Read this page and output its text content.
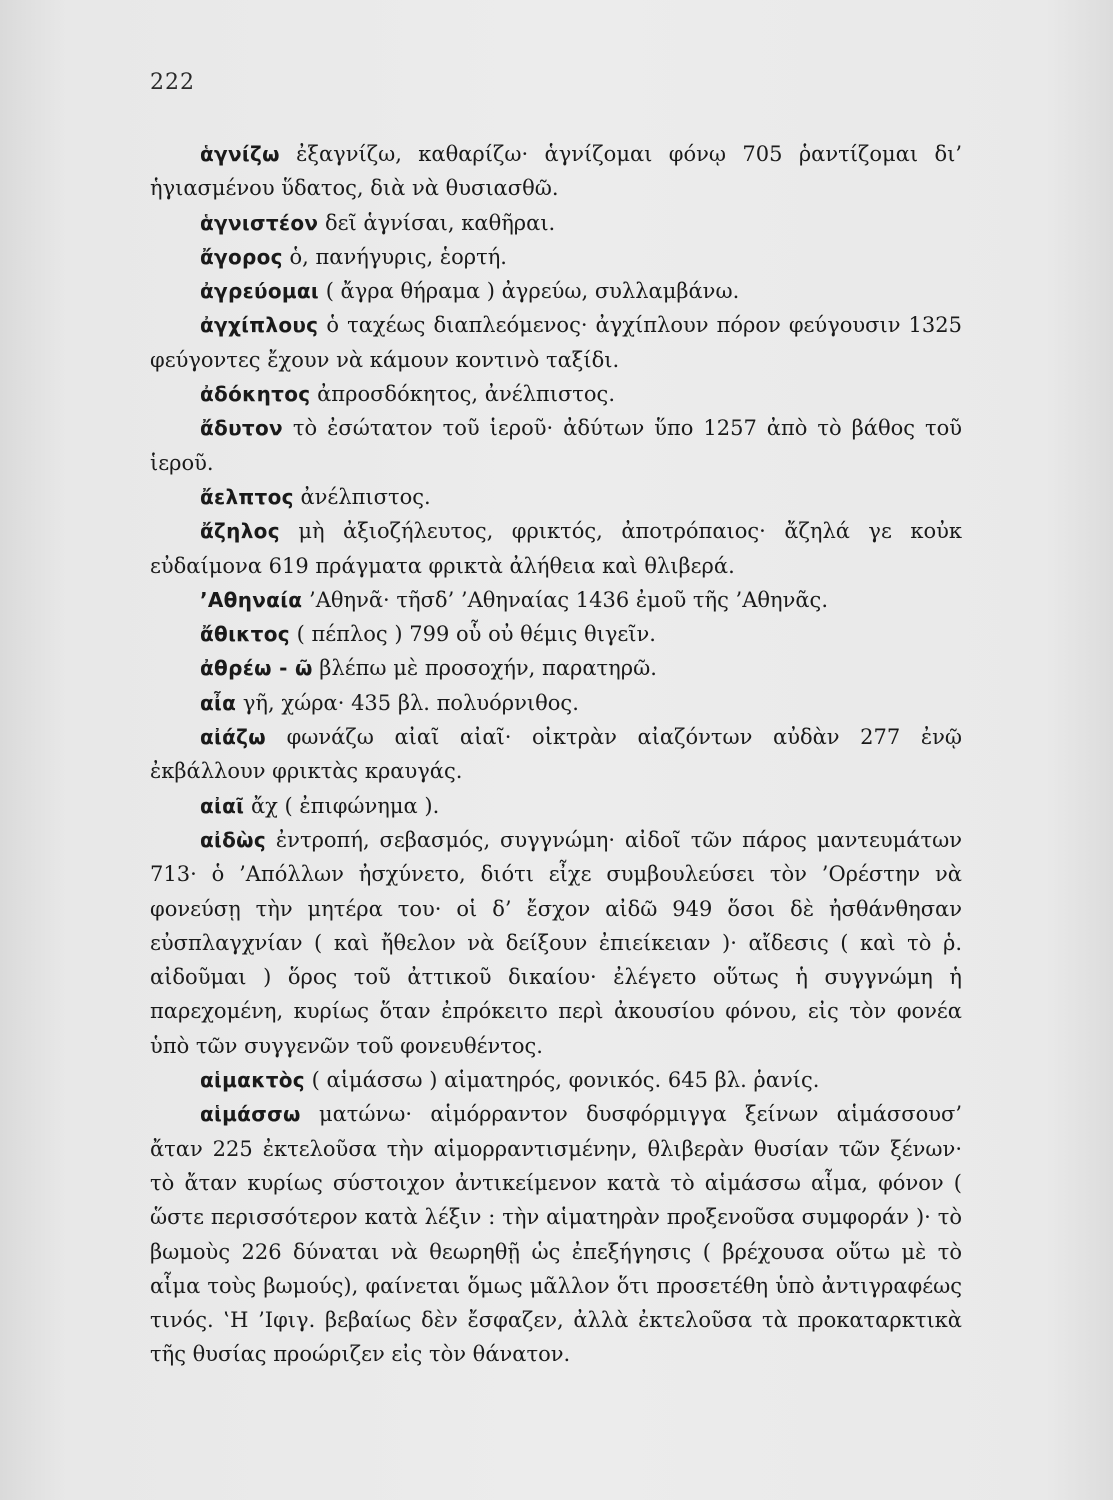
222

ἁγνίζω ἐξαγνίζω, καθαρίζω· ἁγνίζομαι φόνῳ 705 ῥαντίζομαι δι’ ἡγιασμένου ὕδατος, διὰ νὰ θυσιασθῶ.

ἁγνιστέον δεῖ ἁγνίσαι, καθῆραι.

ἄγορος ὁ, πανήγυρις, ἑορτή.

ἀγρεύομαι ( ἄγρα θήραμα ) ἀγρεύω, συλλαμβάνω.

ἀγχίπλους ὁ ταχέως διαπλεόμενος· ἀγχίπλουν πόρον φεύγουσιν 1325 φεύγοντες ἔχουν νὰ κάμουν κοντινὸ ταξίδι.

ἀδόκητος ἀπροσδόκητος, ἀνέλπιστος.

ἄδυτον τὸ ἐσώτατον τοῦ ἱεροῦ· ἀδύτων ὕπο 1257 ἀπὸ τὸ βάθος τοῦ ἱεροῦ.

ἄελπτος ἀνέλπιστος.

ἄζηλος μὴ ἀξιοζήλευτος, φρικτός, ἀποτρόπαιος· ἄζηλά γε κοὐκ εὐδαίμονα 619 πράγματα φρικτὰ ἀλήθεια καὶ θλιβερά.

’Αθηναία ’Αθηνᾶ· τῆσδ’ ’Αθηναίας 1436 ἐμοῦ τῆς ’Αθηνᾶς.

ἄθικτος ( πέπλος ) 799 οὗ οὐ θέμις θιγεῖν.

ἀθρέω - ῶ βλέπω μὲ προσοχήν, παρατηρῶ.

αἶα γῆ, χώρα· 435 βλ. πολυόρνιθος.

αἰάζω φωνάζω αἰαῖ αἰαῖ· οἰκτρὰν αἰαζόντων αὐδὰν 277 ἐνῷ ἐκβάλλουν φρικτὰς κραυγάς.

αἰαῖ ἄχ ( ἐπιφώνημα ).

αἰδὼς ἐντροπή, σεβασμός, συγγνώμη· αἰδοῖ τῶν πάρος μαντευμάτων 713· ὁ ’Απόλλων ἠσχύνετο, διότι εἶχε συμβουλεύσει τὸν ’Ορέστην νὰ φονεύσῃ τὴν μητέρα του· οἱ δ’ ἔσχον αἰδῶ 949 ὅσοι δὲ ἠσθάνθησαν εὐσπλαγχνίαν ( καὶ ἤθελον νὰ δείξουν ἐπιείκειαν )· αἴδεσις ( καὶ τὸ ῥ. αἰδοῦμαι ) ὅρος τοῦ ἀττικοῦ δικαίου· ἐλέγετο οὕτως ἡ συγγνώμη ἡ παρεχομένη, κυρίως ὅταν ἐπρόκειτο περὶ ἀκουσίου φόνου, εἰς τὸν φονέα ὑπὸ τῶν συγγενῶν τοῦ φονευθέντος.

αἱμακτὸς ( αἱμάσσω ) αἱματηρός, φονικός. 645 βλ. ῥανίς.

αἱμάσσω ματώνω· αἱμόρραντον δυσφόρμιγγα ξείνων αἱμάσσουσ’ ἄταν 225 ἐκτελοῦσα τὴν αἱμορραντισμένην, θλιβερὰν θυσίαν τῶν ξένων· τὸ ἄταν κυρίως σύστοιχον ἀντικείμενον κατὰ τὸ αἱμάσσω αἷμα, φόνον ( ὥστε περισσότερον κατὰ λέξιν : τὴν αἱματηρὰν προξενοῦσα συμφοράν )· τὸ βωμοὺς 226 δύναται νὰ θεωρηθῇ ὡς ἐπεξήγησις ( βρέχουσα οὕτω μὲ τὸ αἷμα τοὺς βωμούς), φαίνεται ὅμως μᾶλλον ὅτι προσετέθη ὑπὸ ἀντιγραφέως τινός. ‛Η ’Ιφιγ. βεβαίως δὲν ἔσφαζεν, ἀλλὰ ἐκτελοῦσα τὰ προκαταρκτικὰ τῆς θυσίας προώριζεν εἰς τὸν θάνατον.
